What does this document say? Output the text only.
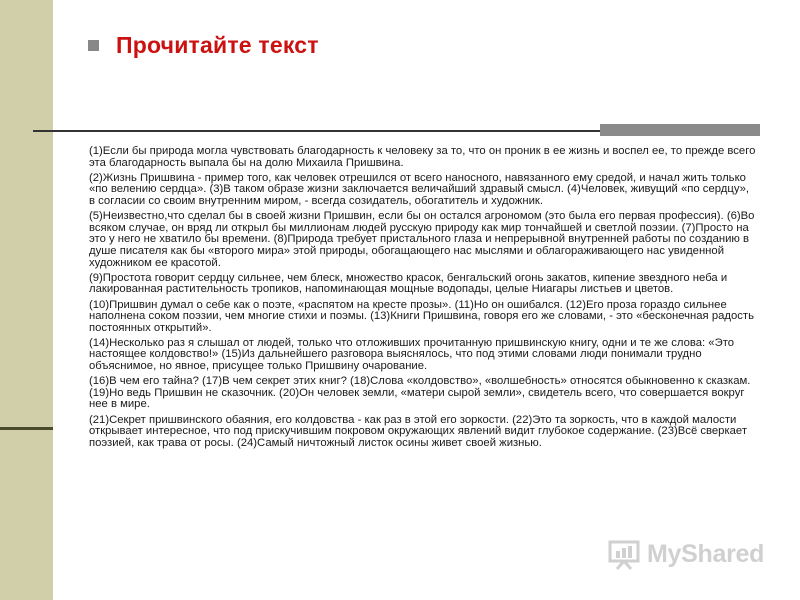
Прочитайте текст

(1)Если бы природа могла чувствовать благодарность к человеку за то, что он проник в ее жизнь и воспел ее, то прежде всего эта благодарность выпала бы на долю Михаила Пришвина.

(2)Жизнь Пришвина - пример того, как человек отрешился от всего наносного, навязанного ему средой, и начал жить только «по велению сердца». (3)В таком образе жизни заключается величайший здравый смысл. (4)Человек, живущий «по сердцу», в согласии со своим внутренним миром, - всегда созидатель, обогатитель и художник.

(5)Неизвестно,что сделал бы в своей жизни Пришвин, если бы он остался агрономом (это была его первая профессия). (6)Во всяком случае, он вряд ли открыл бы миллионам людей русскую природу как мир тончайшей и светлой поэзии. (7)Просто на это у него не хватило бы времени. (8)Природа требует пристального глаза и непрерывной внутренней работы по созданию в душе писателя как бы «второго мира» этой природы, обогащающего нас мыслями и облагораживающего нас увиденной художником ее красотой.

(9)Простота говорит сердцу сильнее, чем блеск, множество красок, бенгальский огонь закатов, кипение звездного неба и лакированная растительность тропиков, напоминающая мощные водопады, целые Ниагары листьев и цветов.

(10)Пришвин думал о себе как о поэте, «распятом на кресте прозы». (11)Но он ошибался. (12)Его проза гораздо сильнее наполнена соком поэзии, чем многие стихи и поэмы. (13)Книги Пришвина, говоря его же словами, - это «бесконечная радость постоянных открытий».

(14)Несколько раз я слышал от людей, только что отложивших прочитанную пришвинскую книгу, одни и те же слова: «Это настоящее колдовство!» (15)Из дальнейшего разговора выяснялось, что под этими словами люди понимали трудно объяснимое, но явное, присущее только Пришвину очарование.

(16)В чем его тайна? (17)В чем секрет этих книг? (18)Слова «колдовство», «волшебность» относятся обыкновенно к сказкам. (19)Но ведь Пришвин не сказочник. (20)Он человек земли, «матери сырой земли», свидетель всего, что совершается вокруг нее в мире.

(21)Секрет пришвинского обаяния, его колдовства - как раз в этой его зоркости. (22)Это та зоркость, что в каждой малости открывает интересное, что под прискучившим покровом окружающих явлений видит глубокое содержание. (23)Всё сверкает поэзией, как трава от росы. (24)Самый ничтожный листок осины живет своей жизнью.

MyShared
